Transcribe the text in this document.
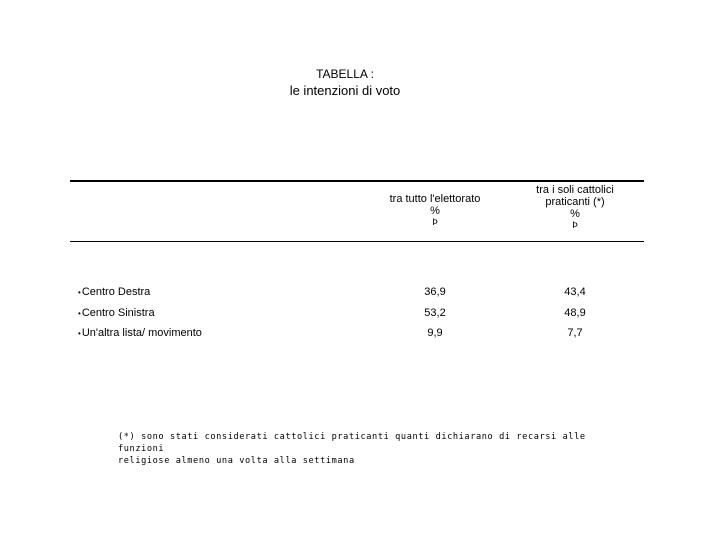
TABELLA :
le intenzioni di voto
tra tutto l'elettorato
%
Þ
tra i soli cattolici
praticanti (*)
%
Þ
•Centro Destra	36,9	43,4
•Centro Sinistra	53,2	48,9
•Un'altra lista/ movimento	9,9	7,7
(*) sono stati considerati cattolici praticanti quanti dichiarano di recarsi alle funzioni
religiose almeno una volta alla settimana
